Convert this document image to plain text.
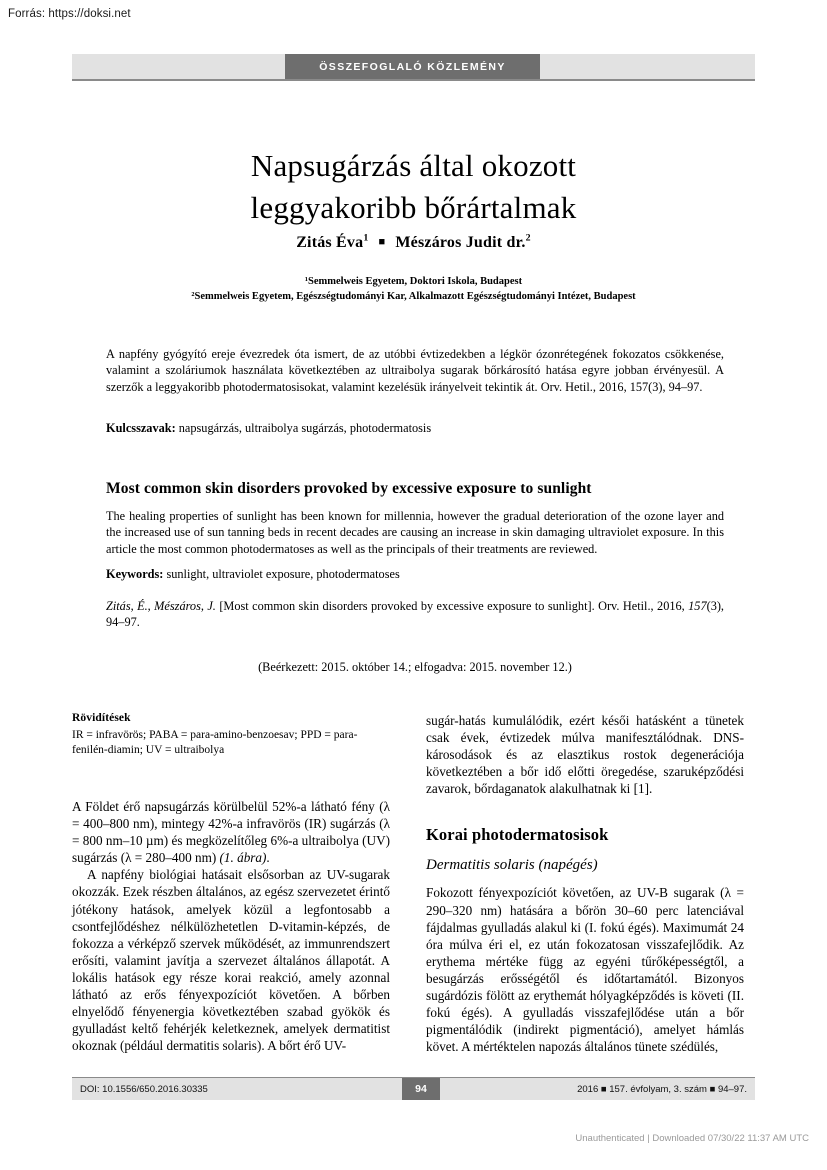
Forrás: https://doksi.net
ÖSSZEFOGLALÓ KÖZLEMÉNY
Napsugárzás által okozott
leggyakoribb bőrártalmak
Zitás Éva$^1$ ■ Mészáros Judit dr.$^2$
¹Semmelweis Egyetem, Doktori Iskola, Budapest
²Semmelweis Egyetem, Egészségtudományi Kar, Alkalmazott Egészségtudományi Intézet, Budapest
A napfény gyógyító ereje évezredek óta ismert, de az utóbbi évtizedekben a légkör ózonrétegének fokozatos csökkenése, valamint a szoláriumok használata következtében az ultraibolya sugarak bőrkárosító hatása egyre jobban érvényesül. A szerzők a leggyakoribb photodermatosisokat, valamint kezelésük irányelveit tekintik át. Orv. Hetil., 2016, 157(3), 94–97.
Kulcsszavak: napsugárzás, ultraibolya sugárzás, photodermatosis
Most common skin disorders provoked by excessive exposure to sunlight
The healing properties of sunlight has been known for millennia, however the gradual deterioration of the ozone layer and the increased use of sun tanning beds in recent decades are causing an increase in skin damaging ultraviolet exposure. In this article the most common photodermatoses as well as the principals of their treatments are reviewed.
Keywords: sunlight, ultraviolet exposure, photodermatoses
Zitás, É., Mészáros, J. [Most common skin disorders provoked by excessive exposure to sunlight]. Orv. Hetil., 2016, 157(3), 94–97.
(Beérkezett: 2015. október 14.; elfogadva: 2015. november 12.)
Rövidítések
IR = infravörös; PABA = para-amino-benzoesav; PPD = para-fenilén-diamin; UV = ultraibolya

A Földet érő napsugárzás körülbelül 52%-a látható fény (λ = 400–800 nm), mintegy 42%-a infravörös (IR) sugárzás (λ = 800 nm–10 µm) és megközelítőleg 6%-a ultraibolya (UV) sugárzás (λ = 280–400 nm) (1. ábra).

A napfény biológiai hatásait elsősorban az UV-sugarak okozzák. Ezek részben általános, az egész szervezetet érintő jótékony hatások, amelyek közül a legfontosabb a csontfejlődéshez nélkülözhetetlen D-vitamin-képzés, de fokozza a vérképző szervek működését, az immunrendszert erősíti, valamint javítja a szervezet általános állapotát. A lokális hatások egy része korai reakció, amely azonnal látható az erős fényexpozíciót követően. A bőrben elnyelődő fényenergia következtében szabad gyökök és gyulladást keltő fehérjék keletkeznek, amelyek dermatitist okoznak (például dermatitis solaris). A bőrt érő UV-

sugár-hatás kumulálódik, ezért késői hatásként a tünetek csak évek, évtizedek múlva manifesztálódnak. DNS-károsodások és az elasztikus rostok degenerációja következtében a bőr idő előtti öregedése, szaruképződési zavarok, bőrdaganatok alakulhatnak ki [1].

Korai photodermatosisok
Dermatitis solaris (napégés)

Fokozott fényexpozíciót követően, az UV-B sugarak (λ = 290–320 nm) hatására a bőrön 30–60 perc latenciával fájdalmas gyulladás alakul ki (I. fokú égés). Maximumát 24 óra múlva éri el, ez után fokozatosan visszafejlődik. Az erythema mértéke függ az egyéni tűrőképességtől, a besugárzás erősségétől és időtartamától. Bizonyos sugárdózis fölött az erythemát hólyagképződés is követi (II. fokú égés). A gyulladás visszafejlődése után a bőr pigmentálódik (indirekt pigmentáció), amelyet hámlás követ. A mértéktelen napozás általános tünete szédülés,

DOI: 10.1556/650.2016.30335	94	2016 ■ 157. évfolyam, 3. szám ■ 94–97.
Unauthenticated | Downloaded 07/30/22 11:37 AM UTC
